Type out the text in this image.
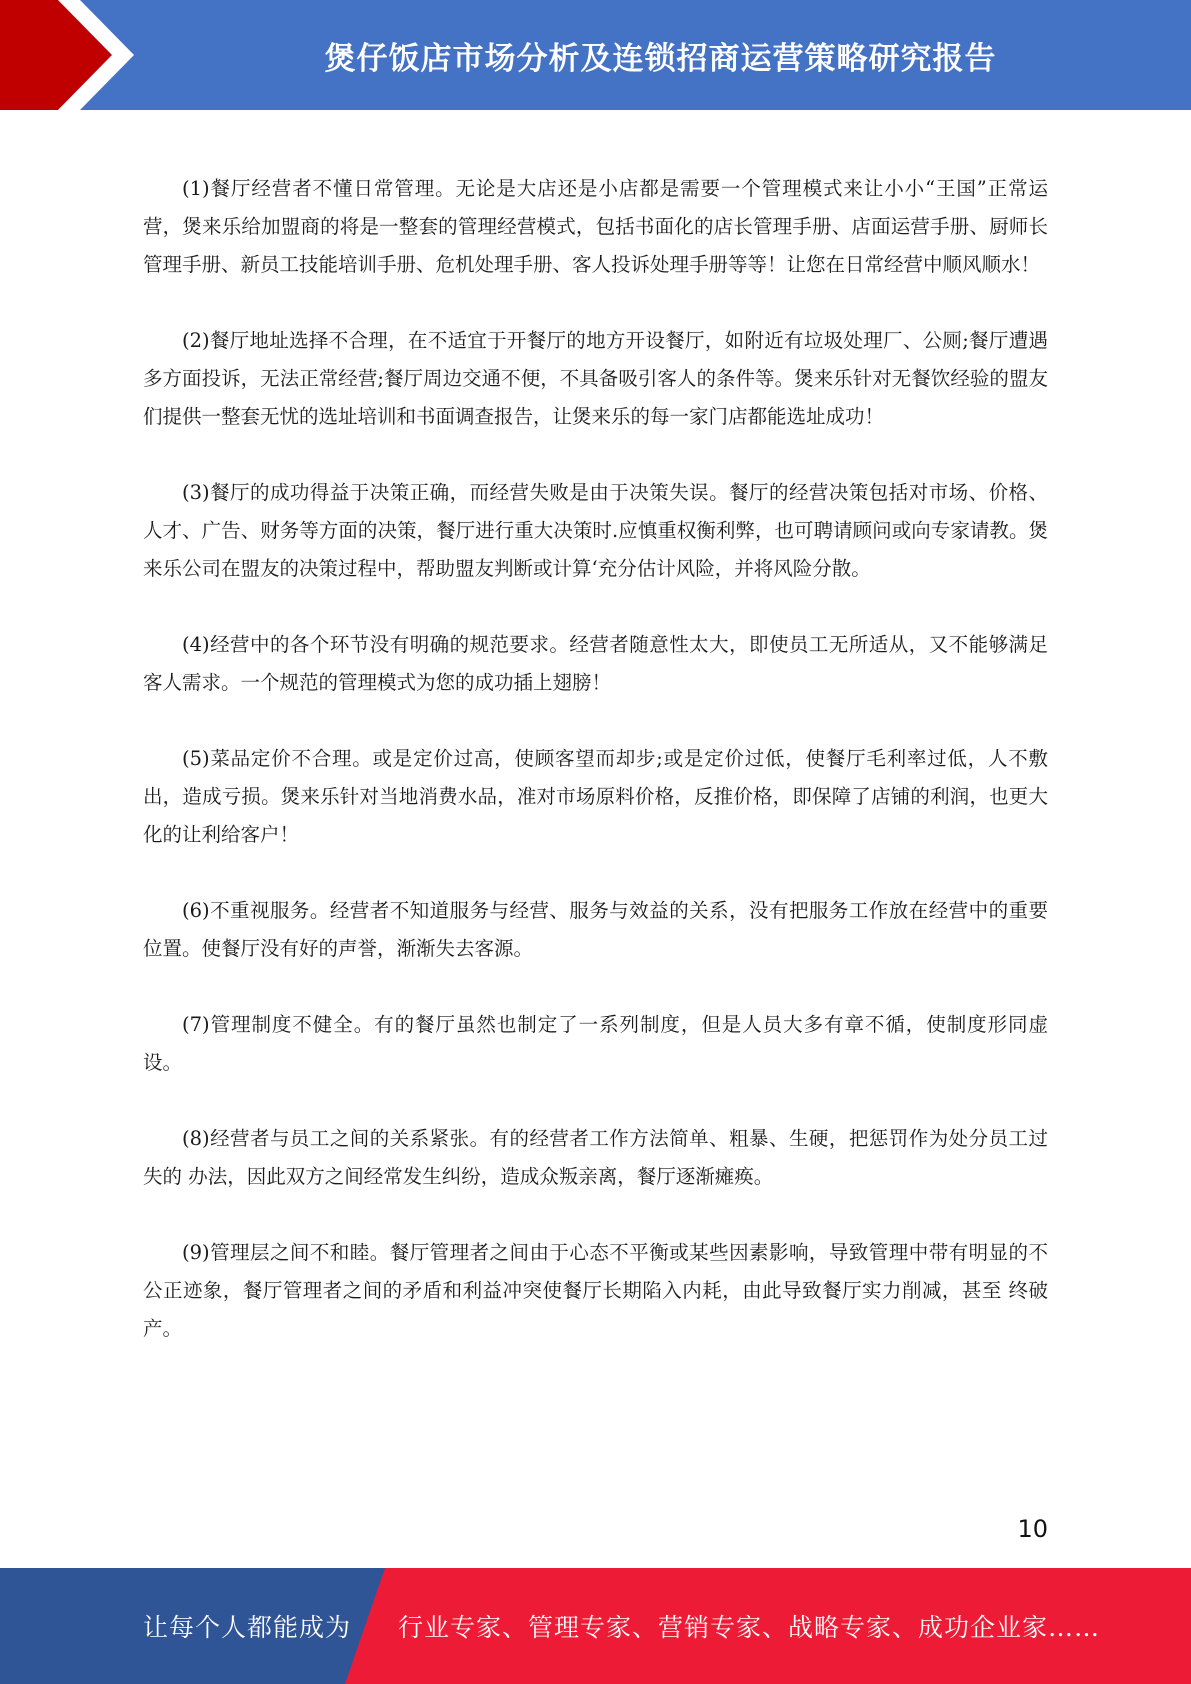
煲仔饭店市场分析及连锁招商运营策略研究报告

(1)餐厅经营者不懂日常管理。无论是大店还是小店都是需要一个管理模式来让小小“王国”正常运营，煲来乐给加盟商的将是一整套的管理经营模式，包括书面化的店长管理手册、店面运营手册、厨师长管理手册、新员工技能培训手册、危机处理手册、客人投诉处理手册等等！让您在日常经营中顺风顺水！

(2)餐厅地址选择不合理，在不适宜于开餐厅的地方开设餐厅，如附近有垃圾处理厂、公厕;餐厅遭遇多方面投诉，无法正常经营;餐厅周边交通不便，不具备吸引客人的条件等。煲来乐针对无餐饮经验的盟友们提供一整套无忧的选址培训和书面调查报告，让煲来乐的每一家门店都能选址成功！

(3)餐厅的成功得益于决策正确，而经营失败是由于决策失误。餐厅的经营决策包括对市场、价格、人才、广告、财务等方面的决策，餐厅进行重大决策时.应慎重权衡利弊，也可聘请顾问或向专家请教。煲来乐公司在盟友的决策过程中，帮助盟友判断或计算‘充分估计风险，并将风险分散。

(4)经营中的各个环节没有明确的规范要求。经营者随意性太大，即使员工无所适从，又不能够满足客人需求。一个规范的管理模式为您的成功插上翅膀！

(5)菜品定价不合理。或是定价过高，使顾客望而却步;或是定价过低，使餐厅毛利率过低，人不敷出，造成亏损。煲来乐针对当地消费水品，准对市场原料价格，反推价格，即保障了店铺的利润，也更大化的让利给客户！

(6)不重视服务。经营者不知道服务与经营、服务与效益的关系，没有把服务工作放在经营中的重要位置。使餐厅没有好的声誉，渐渐失去客源。

(7)管理制度不健全。有的餐厅虽然也制定了一系列制度，但是人员大多有章不循，使制度形同虚设。

(8)经营者与员工之间的关系紧张。有的经营者工作方法简单、粗暴、生硬，把惩罚作为处分员工过失的 办法，因此双方之间经常发生纠纷，造成众叛亲离，餐厅逐渐瘫痪。

(9)管理层之间不和睦。餐厅管理者之间由于心态不平衡或某些因素影响，导致管理中带有明显的不公正迹象，餐厅管理者之间的矛盾和利益冲突使餐厅长期陷入内耗，由此导致餐厅实力削减，甚至 终破产。

10
让每个人都能成为 行业专家、管理专家、营销专家、战略专家、成功企业家……
